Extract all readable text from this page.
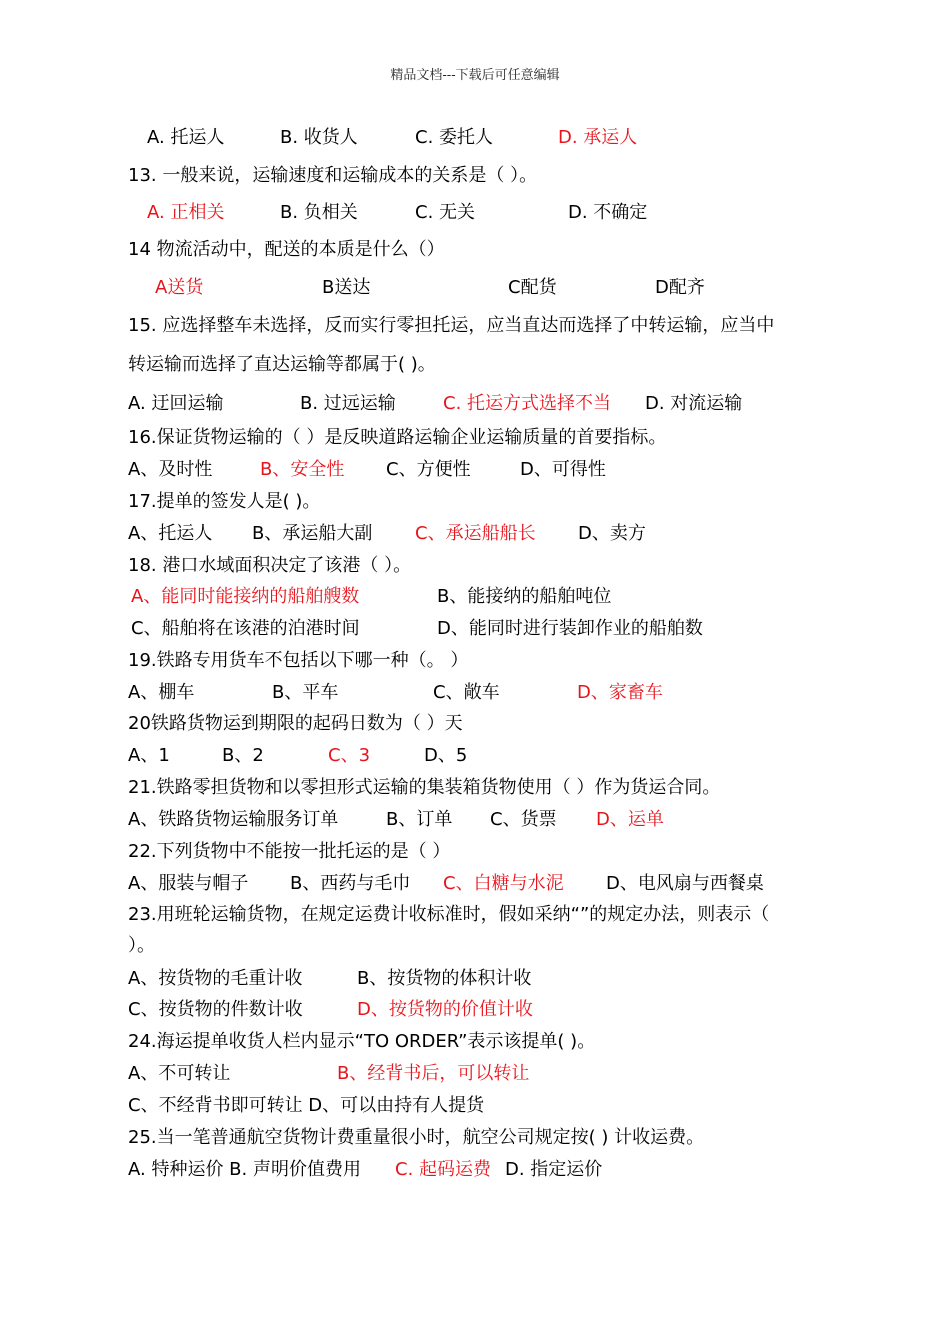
精品文档---下载后可任意编辑
A. 托运人	B. 收货人	C. 委托人	D. 承运人
13. 一般来说，运输速度和运输成本的关系是（ ）。
A. 正相关	B. 负相关	C. 无关	D. 不确定
14 物流活动中，配送的本质是什么（）
A送货	B送达	C配货	D配齐
15. 应选择整车未选择，反而实行零担托运，应当直达而选择了中转运输，应当中
转运输而选择了直达运输等都属于( )。
A. 迂回运输	B. 过远运输	C. 托运方式选择不当 D. 对流运输
16.保证货物运输的（ ）是反映道路运输企业运输质量的首要指标。
A、及时性	B、安全性 C、方便性	D、可得性
17.提单的签发人是( )。
A、托运人 B、承运船大副 C、承运船船长 D、卖方
18. 港口水域面积决定了该港（ ）。
A、能同时能接纳的船舶艘数	B、能接纳的船舶吨位
C、船舶将在该港的泊港时间	D、能同时进行装卸作业的船舶数
19.铁路专用货车不包括以下哪一种（。 ）
A、棚车	B、平车	C、敞车	D、家畜车
20铁路货物运到期限的起码日数为（ ）天
A、1	B、2	C、3	D、5
21.铁路零担货物和以零担形式运输的集装箱货物使用（ ）作为货运合同。
A、铁路货物运输服务订单	B、订单 C、货票 D、运单
22.下列货物中不能按一批托运的是（ ）
A、服装与帽子 B、西药与毛巾 C、白糖与水泥 D、电风扇与西餐桌
23.用班轮运输货物，在规定运费计收标准时，假如采纳“”的规定办法，则表示（
）。
A、按货物的毛重计收	B、按货物的体积计收
C、按货物的件数计收	D、按货物的价值计收
24.海运提单收货人栏内显示“TO ORDER”表示该提单( )。
A、不可转让	B、经背书后，可以转让
C、不经背书即可转让 D、可以由持有人提货
25.当一笔普通航空货物计费重量很小时，航空公司规定按( ) 计收运费。
A. 特种运价 B. 声明价值费用 C. 起码运费 D. 指定运价
